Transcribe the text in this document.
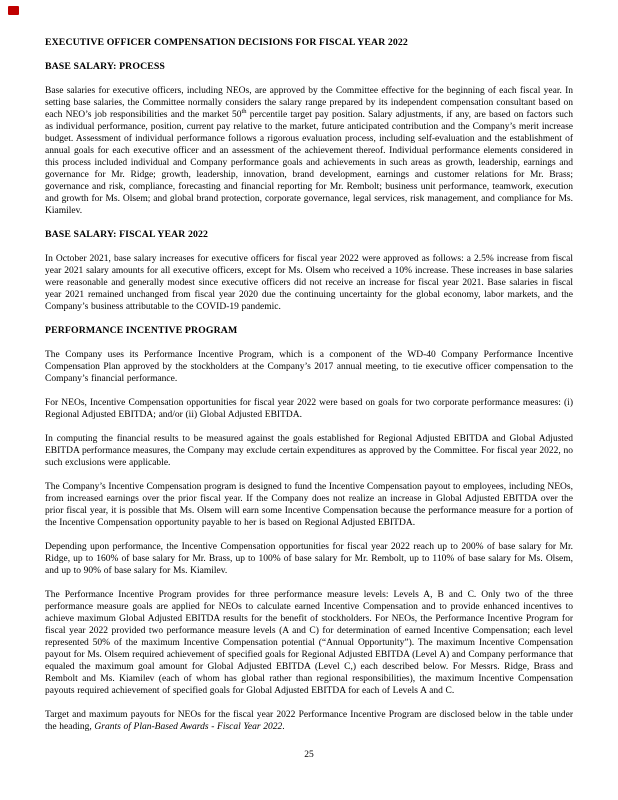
EXECUTIVE OFFICER COMPENSATION DECISIONS FOR FISCAL YEAR 2022
BASE SALARY: PROCESS

Base salaries for executive officers, including NEOs, are approved by the Committee effective for the beginning of each fiscal year. In setting base salaries, the Committee normally considers the salary range prepared by its independent compensation consultant based on each NEO’s job responsibilities and the market 50th percentile target pay position. Salary adjustments, if any, are based on factors such as individual performance, position, current pay relative to the market, future anticipated contribution and the Company’s merit increase budget. Assessment of individual performance follows a rigorous evaluation process, including self-evaluation and the establishment of annual goals for each executive officer and an assessment of the achievement thereof. Individual performance elements considered in this process included individual and Company performance goals and achievements in such areas as growth, leadership, earnings and governance for Mr. Ridge; growth, leadership, innovation, brand development, earnings and customer relations for Mr. Brass; governance and risk, compliance, forecasting and financial reporting for Mr. Rembolt; business unit performance, teamwork, execution and growth for Ms. Olsem; and global brand protection, corporate governance, legal services, risk management, and compliance for Ms. Kiamilev.

BASE SALARY: FISCAL YEAR 2022

In October 2021, base salary increases for executive officers for fiscal year 2022 were approved as follows: a 2.5% increase from fiscal year 2021 salary amounts for all executive officers, except for Ms. Olsem who received a 10% increase. These increases in base salaries were reasonable and generally modest since executive officers did not receive an increase for fiscal year 2021. Base salaries in fiscal year 2021 remained unchanged from fiscal year 2020 due the continuing uncertainty for the global economy, labor markets, and the Company’s business attributable to the COVID-19 pandemic.

PERFORMANCE INCENTIVE PROGRAM

The Company uses its Performance Incentive Program, which is a component of the WD-40 Company Performance Incentive Compensation Plan approved by the stockholders at the Company’s 2017 annual meeting, to tie executive officer compensation to the Company’s financial performance.

For NEOs, Incentive Compensation opportunities for fiscal year 2022 were based on goals for two corporate performance measures: (i) Regional Adjusted EBITDA; and/or (ii) Global Adjusted EBITDA.

In computing the financial results to be measured against the goals established for Regional Adjusted EBITDA and Global Adjusted EBITDA performance measures, the Company may exclude certain expenditures as approved by the Committee. For fiscal year 2022, no such exclusions were applicable.

The Company’s Incentive Compensation program is designed to fund the Incentive Compensation payout to employees, including NEOs, from increased earnings over the prior fiscal year. If the Company does not realize an increase in Global Adjusted EBITDA over the prior fiscal year, it is possible that Ms. Olsem will earn some Incentive Compensation because the performance measure for a portion of the Incentive Compensation opportunity payable to her is based on Regional Adjusted EBITDA.

Depending upon performance, the Incentive Compensation opportunities for fiscal year 2022 reach up to 200% of base salary for Mr. Ridge, up to 160% of base salary for Mr. Brass, up to 100% of base salary for Mr. Rembolt, up to 110% of base salary for Ms. Olsem, and up to 90% of base salary for Ms. Kiamilev.

The Performance Incentive Program provides for three performance measure levels: Levels A, B and C. Only two of the three performance measure goals are applied for NEOs to calculate earned Incentive Compensation and to provide enhanced incentives to achieve maximum Global Adjusted EBITDA results for the benefit of stockholders. For NEOs, the Performance Incentive Program for fiscal year 2022 provided two performance measure levels (A and C) for determination of earned Incentive Compensation; each level represented 50% of the maximum Incentive Compensation potential (“Annual Opportunity”). The maximum Incentive Compensation payout for Ms. Olsem required achievement of specified goals for Regional Adjusted EBITDA (Level A) and Company performance that equaled the maximum goal amount for Global Adjusted EBITDA (Level C,) each described below. For Messrs. Ridge, Brass and Rembolt and Ms. Kiamilev (each of whom has global rather than regional responsibilities), the maximum Incentive Compensation payouts required achievement of specified goals for Global Adjusted EBITDA for each of Levels A and C.

Target and maximum payouts for NEOs for the fiscal year 2022 Performance Incentive Program are disclosed below in the table under the heading, Grants of Plan-Based Awards - Fiscal Year 2022.

25
